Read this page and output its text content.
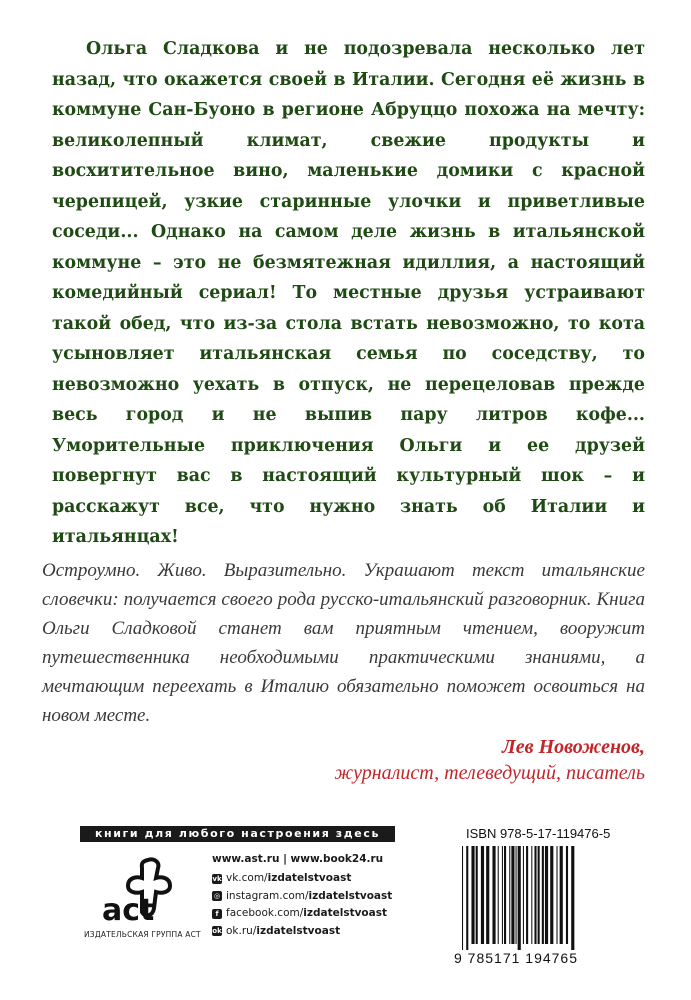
Ольга Сладкова и не подозревала несколько лет назад, что окажется своей в Италии. Сегодня её жизнь в коммуне Сан-Буоно в регионе Абруццо похожа на мечту: великолепный климат, свежие продукты и восхитительное вино, маленькие домики с красной черепицей, узкие старинные улочки и приветливые соседи... Однако на самом деле жизнь в итальянской коммуне – это не безмятежная идиллия, а настоящий комедийный сериал! То местные друзья устраивают такой обед, что из-за стола встать невозможно, то кота усыновляет итальянская семья по соседству, то невозможно уехать в отпуск, не перецеловав прежде весь город и не выпив пару литров кофе... Уморительные приключения Ольги и ее друзей повергнут вас в настоящий культурный шок – и расскажут все, что нужно знать об Италии и итальянцах!

Остроумно. Живо. Выразительно. Украшают текст итальянские словечки: получается своего рода русско-итальянский разговорник. Книга Ольги Сладковой станет вам приятным чтением, вооружит путешественника необходимыми практическими знаниями, а мечтающим переехать в Италию обязательно поможет освоиться на новом месте.

Лев Новоженов,
журналист, телеведущий, писатель
книги для любого настроения здесь
act
ИЗДАТЕЛЬСКАЯ ГРУППА АСТ
www.ast.ru | www.book24.ru
vk vk.com/ izdatelstvoast
◎ instagram.com/ izdatelstvoast
f facebook.com/ izdatelstvoast
ok ok.ru/ izdatelstvoast
ISBN 978-5-17-119476-5
9 785171 194765
